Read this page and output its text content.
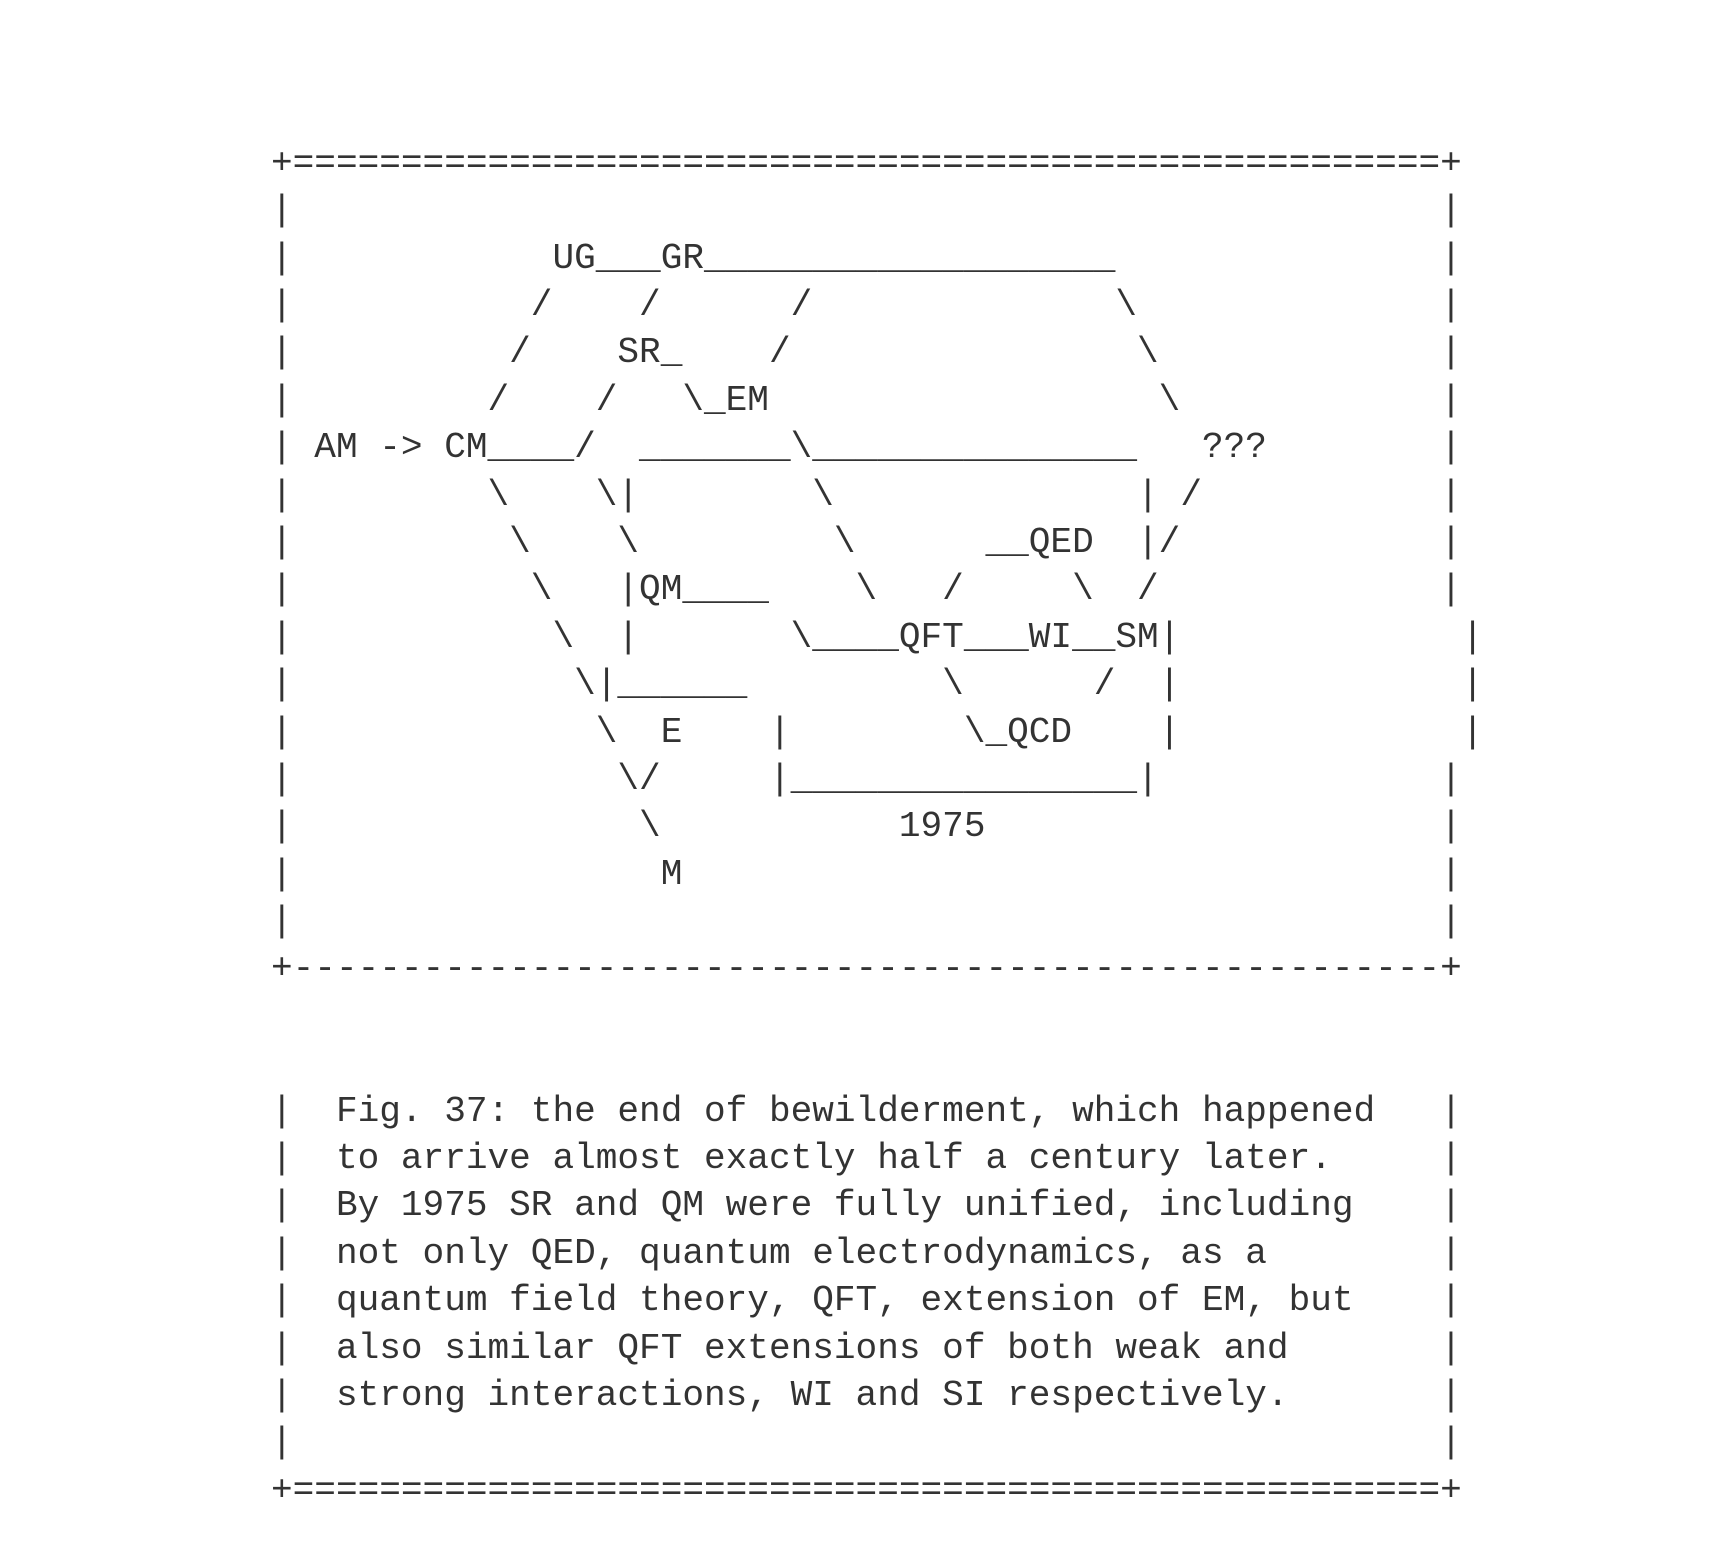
+=====================================================+
|                                                     |
|            UG___GR___________________               |
|           /    /      /              \              |
|          /    SR_    /                \             |
|         /    /   \_EM                  \            |
| AM -> CM____/  _______\_______________   ???        |
|         \    \|        \              | /           |
|          \    \         \      __QED  |/            |
|           \   |QM____    \   /     \  /             |
|            \  |       \____QFT___WI__SM|             |
|             \|______         \      /  |             |
|              \  E    |        \_QCD    |             |
|               \/     |________________|             |
|                \           1975                     |
|                 M                                   |
|                                                     |
+-----------------------------------------------------+

|  Fig. 37: the end of bewilderment, which happened   |
|  to arrive almost exactly half a century later.     |
|  By 1975 SR and QM were fully unified, including    |
|  not only QED, quantum electrodynamics, as a        |
|  quantum field theory, QFT, extension of EM, but    |
|  also similar QFT extensions of both weak and       |
|  strong interactions, WI and SI respectively.       |
|                                                     |
+=====================================================+
